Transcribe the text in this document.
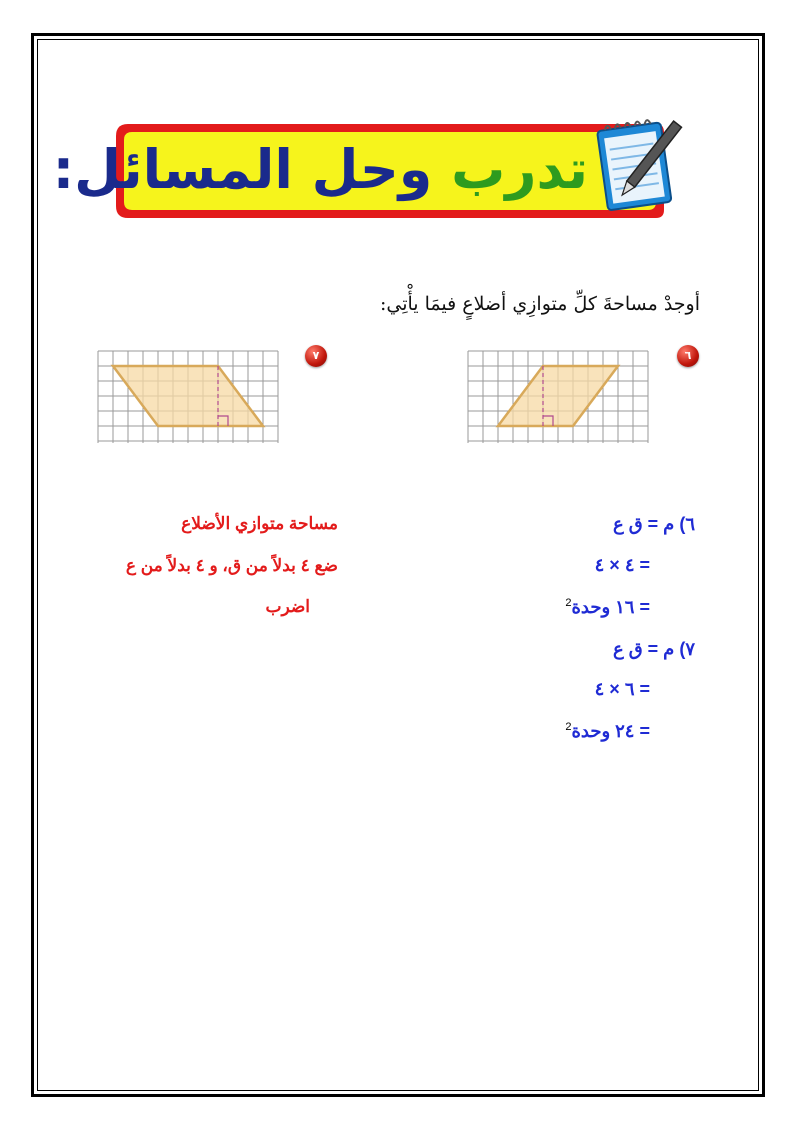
تدرب وحل المسائل:
أوجدْ مساحةَ كلِّ متوازِي أضلاعٍ فيمَا يأْتِي:
٦
٧
مساحة متوازي الأضلاع
ضع ٤ بدلاً من ق، و ٤ بدلاً من ع
اضرب
٦) م = ق ع
= ٤ × ٤
= ١٦ وحدة$^2$
٧) م = ق ع
= ٦ × ٤
= ٢٤ وحدة$^2$
